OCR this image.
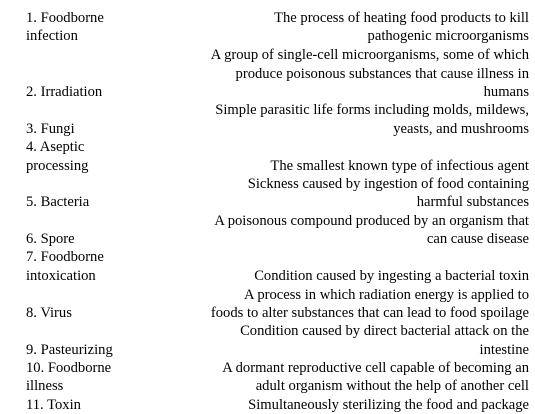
1. Foodborne
infection
2. Irradiation
3. Fungi
4. Aseptic
processing
5. Bacteria
6. Spore
7. Foodborne
intoxication
8. Virus
9. Pasteurizing
10. Foodborne
illness
11. Toxin
The process of heating food products to kill
pathogenic microorganisms
A group of single-cell microorganisms, some of which
produce poisonous substances that cause illness in
humans
Simple parasitic life forms including molds, mildews,
yeasts, and mushrooms
The smallest known type of infectious agent
Sickness caused by ingestion of food containing
harmful substances
A poisonous compound produced by an organism that
can cause disease
Condition caused by ingesting a bacterial toxin
A process in which radiation energy is applied to
foods to alter substances that can lead to food spoilage
Condition caused by direct bacterial attack on the
intestine
A dormant reproductive cell capable of becoming an
adult organism without the help of another cell
Simultaneously sterilizing the food and package
